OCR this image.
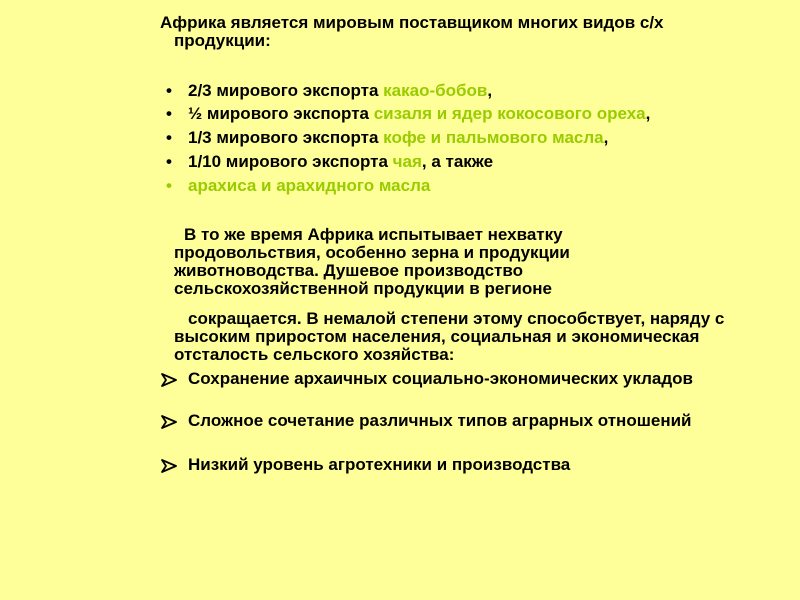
Африка является мировым поставщиком многих видов с/х продукции:
• 2/3 мирового экспорта какао-бобов,
• ½ мирового экспорта сизаля и ядер кокосового ореха,
• 1/3 мирового экспорта кофе и пальмового масла,
• 1/10 мирового экспорта чая, а также
• арахиса и арахидного масла
В то же время Африка испытывает нехватку продовольствия, особенно зерна и продукции животноводства. Душевое производство сельскохозяйственной продукции в регионе
сокращается. В немалой степени этому способствует, наряду с высоким приростом населения, социальная и экономическая отсталость сельского хозяйства:
Сохранение архаичных социально-экономических укладов
Сложное сочетание различных типов аграрных отношений
Низкий уровень агротехники и производства
